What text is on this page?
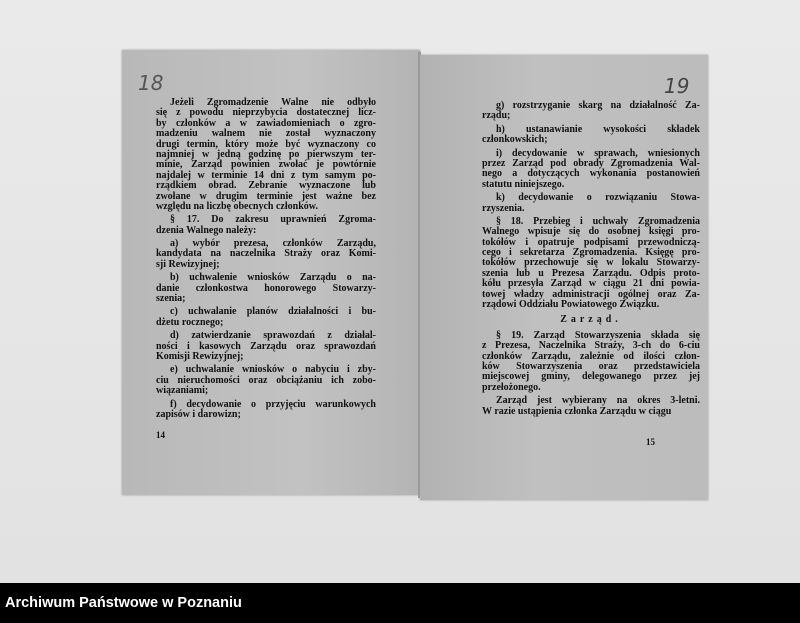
18
Jeżeli Zgromadzenie Walne nie odbyło
się z powodu nieprzybycia dostatecznej licz-
by członków a w zawiadomieniach o zgro-
madzeniu walnem nie został wyznaczony
drugi termin, który może być wyznaczony co
najmniej w jedną godzinę po pierwszym ter-
minie, Zarząd powinien zwołać je powtórnie
najdalej w terminie 14 dni z tym samym po-
rządkiem obrad. Zebranie wyznaczone lub
zwołane w drugim terminie jest ważne bez
względu na liczbę obecnych członków.
§ 17. Do zakresu uprawnień Zgroma-
dzenia Walnego należy:
a) wybór prezesa, członków Zarządu,
kandydata na naczelnika Straży oraz Komi-
sji Rewizyjnej;
b) uchwalenie wniosków Zarządu o na-
danie członkostwa honorowego Stowarzy-
szenia;
c) uchwalanie planów działalności i bu-
dżetu rocznego;
d) zatwierdzanie sprawozdań z działal-
ności i kasowych Zarządu oraz sprawozdań
Komisji Rewizyjnej;
e) uchwalanie wniosków o nabyciu i zby-
ciu nieruchomości oraz obciążaniu ich zobo-
wiązaniami;
f) decydowanie o przyjęciu warunkowych
zapisów i darowizn;
14
19
g) rozstrzyganie skarg na działalność Za-
rządu;
h) ustanawianie wysokości składek
członkowskich;
i) decydowanie w sprawach, wniesionych
przez Zarząd pod obrady Zgromadzenia Wal-
nego a dotyczących wykonania postanowień
statutu niniejszego.
k) decydowanie o rozwiązaniu Stowa-
rzyszenia.
§ 18. Przebieg i uchwały Zgromadzenia
Walnego wpisuje się do osobnej księgi pro-
tokółów i opatruje podpisami przewodniczą-
cego i sekretarza Zgromadzenia. Księgę pro-
tokółów przechowuje się w lokalu Stowarzy-
szenia lub u Prezesa Zarządu. Odpis proto-
kółu przesyła Zarząd w ciągu 21 dni powia-
towej władzy administracji ogólnej oraz Za-
rządowi Oddziału Powiatowego Związku.
Zarząd.
§ 19. Zarząd Stowarzyszenia składa się
z Prezesa, Naczelnika Straży, 3-ch do 6-ciu
członków Zarządu, zależnie od ilości człon-
ków Stowarzyszenia oraz przedstawiciela
miejscowej gminy, delegowanego przez jej
przełożonego.
Zarząd jest wybierany na okres 3-letni.
W razie ustąpienia członka Zarządu w ciągu
15
Archiwum Państwowe w Poznaniu
